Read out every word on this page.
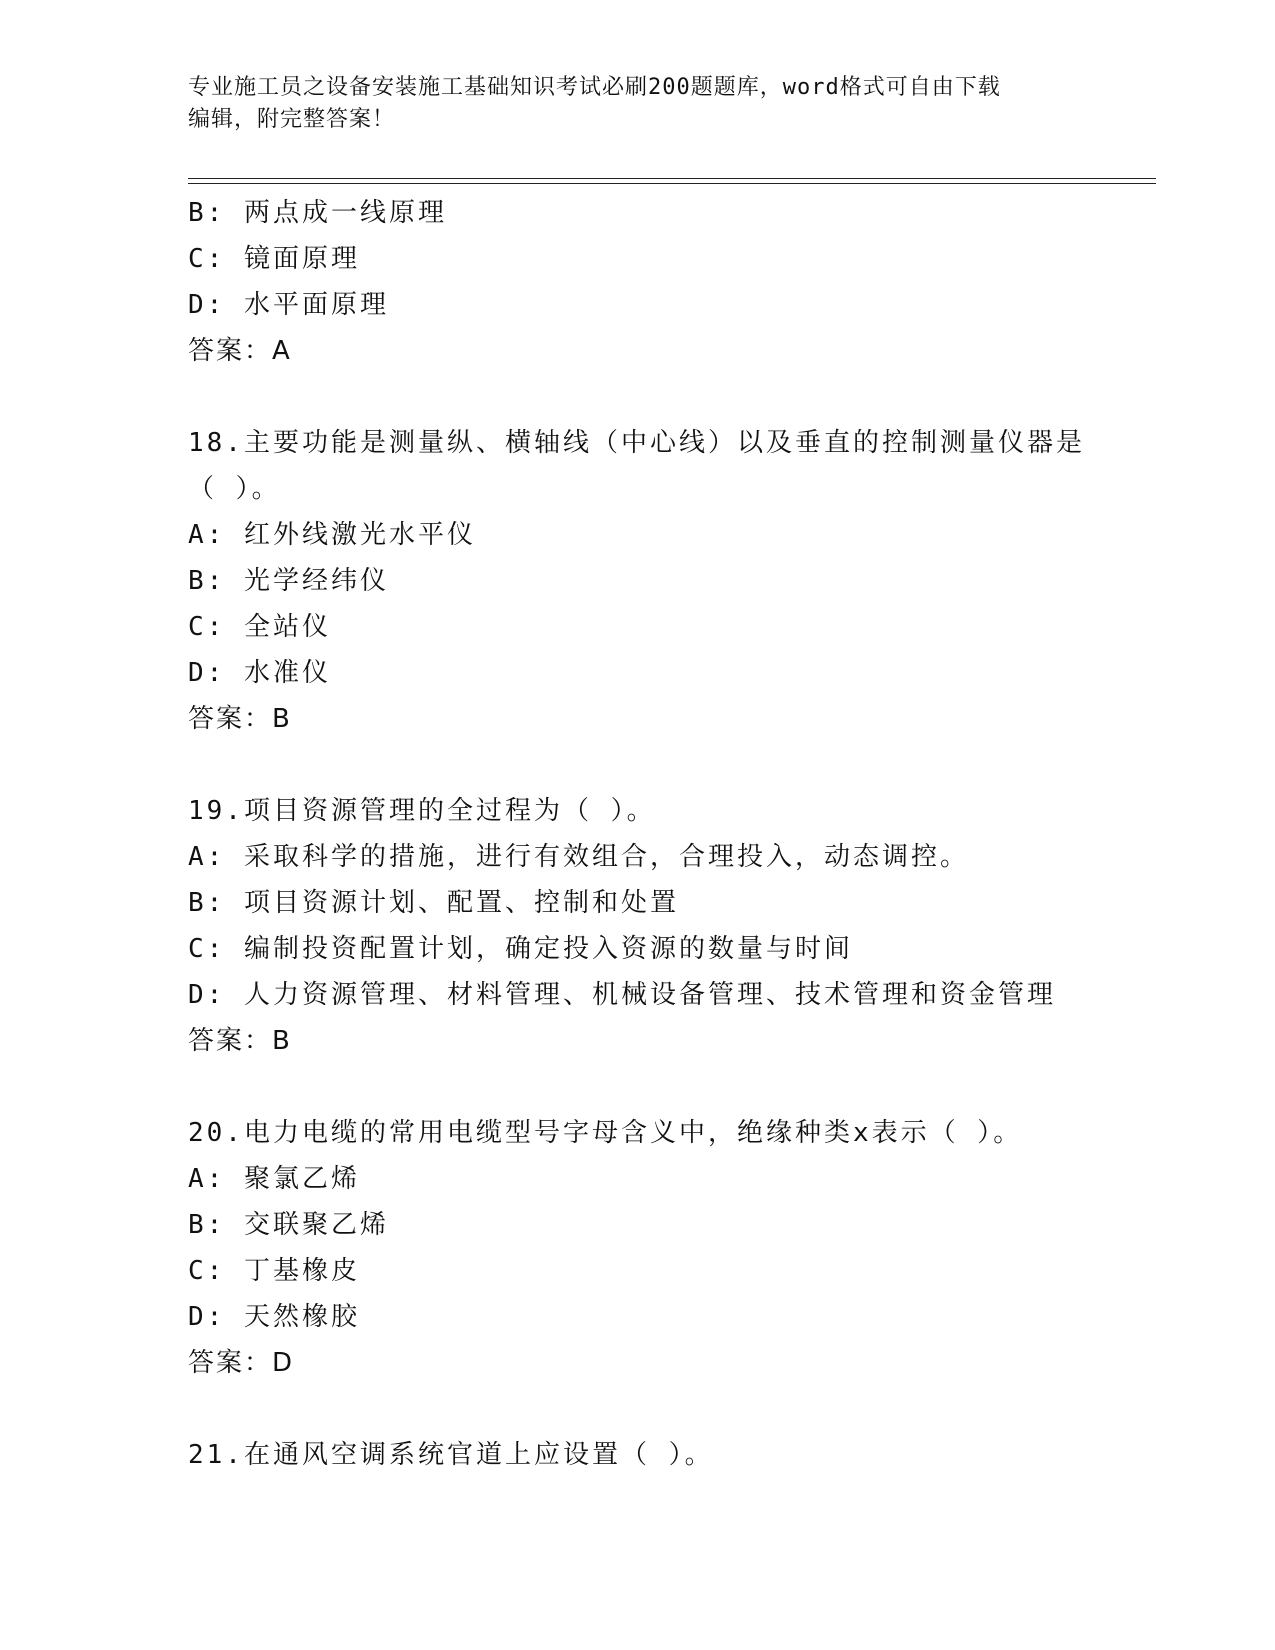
专业施工员之设备安装施工基础知识考试必刷200题题库，word格式可自由下载
编辑，附完整答案！
B: 两点成一线原理
C: 镜面原理
D: 水平面原理
答案：A
18.主要功能是测量纵、横轴线（中心线）以及垂直的控制测量仪器是
（ ）。
A: 红外线激光水平仪
B: 光学经纬仪
C: 全站仪
D: 水准仪
答案：B
19.项目资源管理的全过程为（ ）。
A: 采取科学的措施，进行有效组合，合理投入，动态调控。
B: 项目资源计划、配置、控制和处置
C: 编制投资配置计划，确定投入资源的数量与时间
D: 人力资源管理、材料管理、机械设备管理、技术管理和资金管理
答案：B
20.电力电缆的常用电缆型号字母含义中，绝缘种类x表示（ ）。
A: 聚氯乙烯
B: 交联聚乙烯
C: 丁基橡皮
D: 天然橡胶
答案：D
21.在通风空调系统官道上应设置（ ）。
